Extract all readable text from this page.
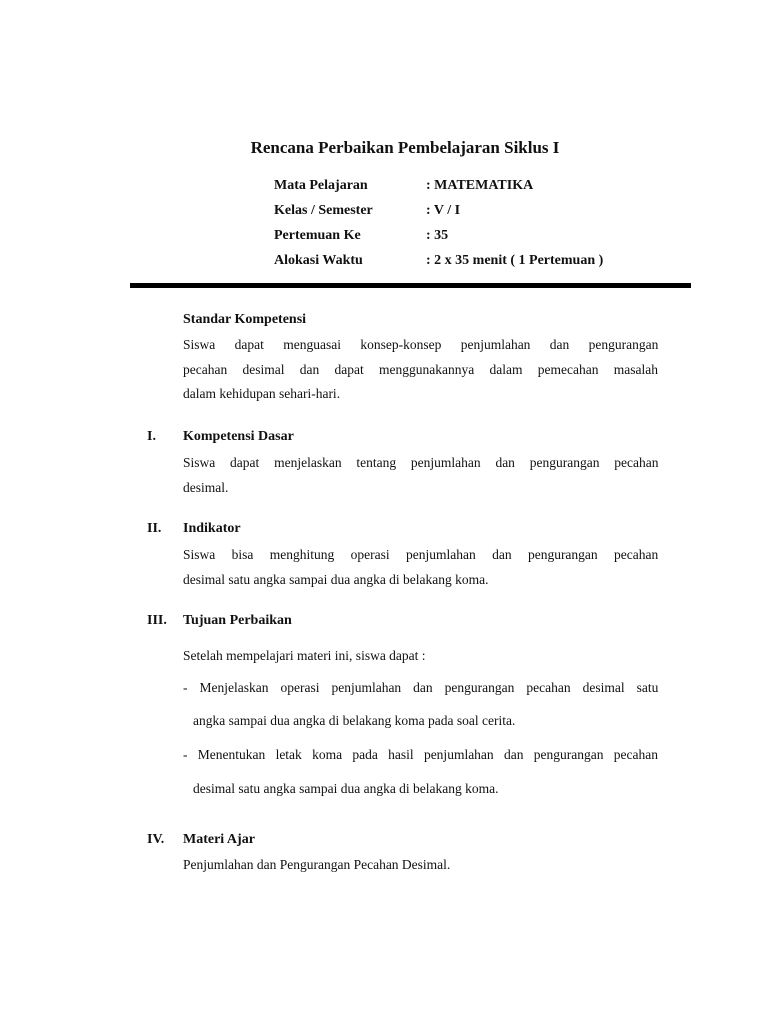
Rencana Perbaikan Pembelajaran Siklus I
Mata Pelajaran	: MATEMATIKA
Kelas / Semester	: V / I
Pertemuan Ke	: 35
Alokasi Waktu	: 2 x 35 menit ( 1 Pertemuan )
Standar Kompetensi
Siswa dapat menguasai konsep-konsep penjumlahan dan pengurangan
pecahan desimal dan dapat menggunakannya dalam pemecahan masalah
dalam kehidupan sehari-hari.
I. Kompetensi Dasar
Siswa dapat menjelaskan tentang penjumlahan dan pengurangan pecahan
desimal.
II. Indikator
Siswa bisa menghitung operasi penjumlahan dan pengurangan pecahan
desimal satu angka sampai dua angka di belakang koma.
III. Tujuan Perbaikan
Setelah mempelajari materi ini, siswa dapat :
- Menjelaskan operasi penjumlahan dan pengurangan pecahan desimal satu
angka sampai dua angka di belakang koma pada soal cerita.
- Menentukan letak koma pada hasil penjumlahan dan pengurangan pecahan
desimal satu angka sampai dua angka di belakang koma.
IV. Materi Ajar
Penjumlahan dan Pengurangan Pecahan Desimal.
